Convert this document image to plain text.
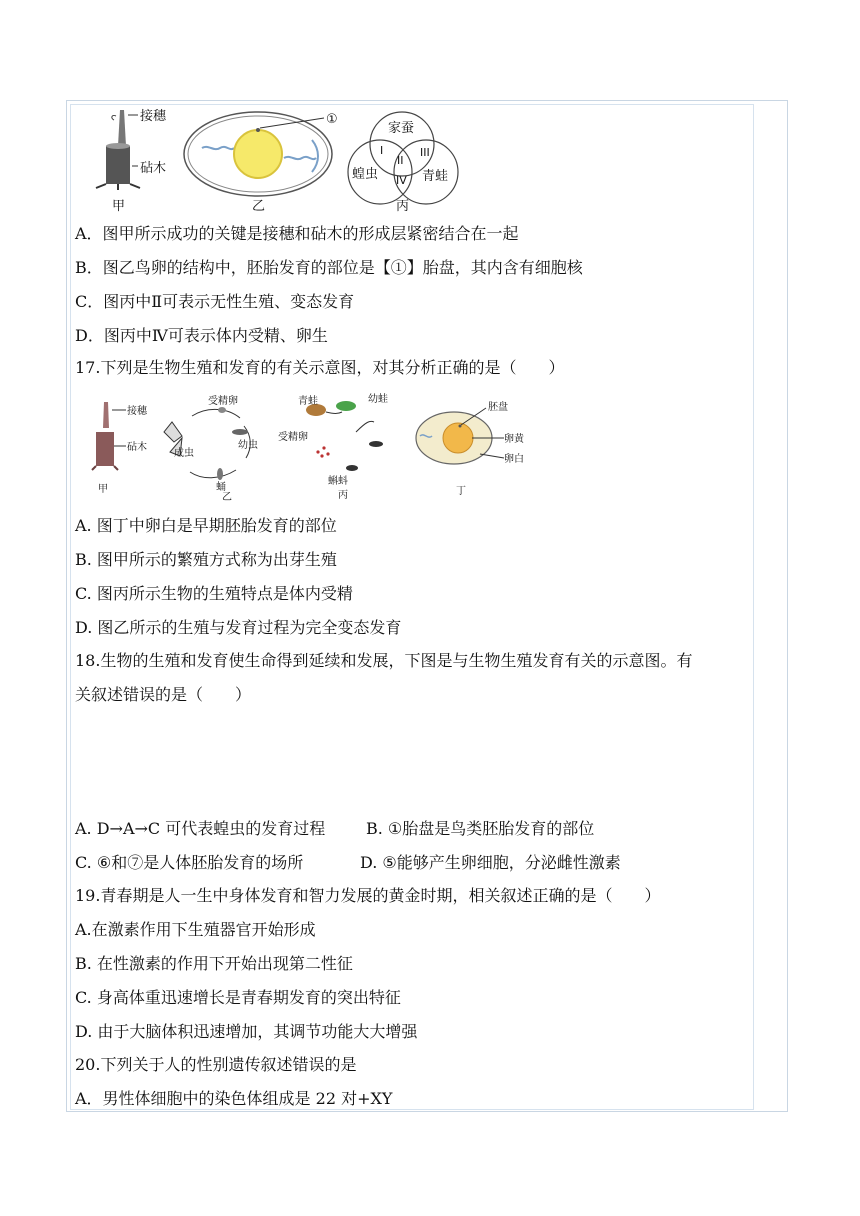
接穗
砧木
甲
①
乙
家蚕
蝗虫	青蛙
I
II
III
IV
丙
A．图甲所示成功的关键是接穗和砧木的形成层紧密结合在一起
B．图乙鸟卵的结构中，胚胎发育的部位是【①】胎盘，其内含有细胞核
C．图丙中Ⅱ可表示无性生殖、变态发育
D．图丙中Ⅳ可表示体内受精、卵生
17.下列是生物生殖和发育的有关示意图，对其分析正确的是（　　）
接穗
砧木
甲
受精卵
幼虫
蛹
成虫
乙
青蛙	幼蛙
受精卵
蝌蚪
丙
胚盘
卵黄
卵白
丁
A. 图丁中卵白是早期胚胎发育的部位
B. 图甲所示的繁殖方式称为出芽生殖
C. 图丙所示生物的生殖特点是体内受精
D. 图乙所示的生殖与发育过程为完全变态发育
18.生物的生殖和发育使生命得到延续和发展，下图是与生物生殖发育有关的示意图。有
关叙述错误的是（　　）
A. D→A→C 可代表蝗虫的发育过程	B. ①胎盘是鸟类胚胎发育的部位
C. ⑥和⑦是人体胚胎发育的场所	D. ⑤能够产生卵细胞，分泌雌性激素
19.青春期是人一生中身体发育和智力发展的黄金时期，相关叙述正确的是（　　）
A.在激素作用下生殖器官开始形成
B. 在性激素的作用下开始出现第二性征
C. 身高体重迅速增长是青春期发育的突出特征
D. 由于大脑体积迅速增加，其调节功能大大增强
20.下列关于人的性别遗传叙述错误的是
A．男性体细胞中的染色体组成是 22 对+XY
